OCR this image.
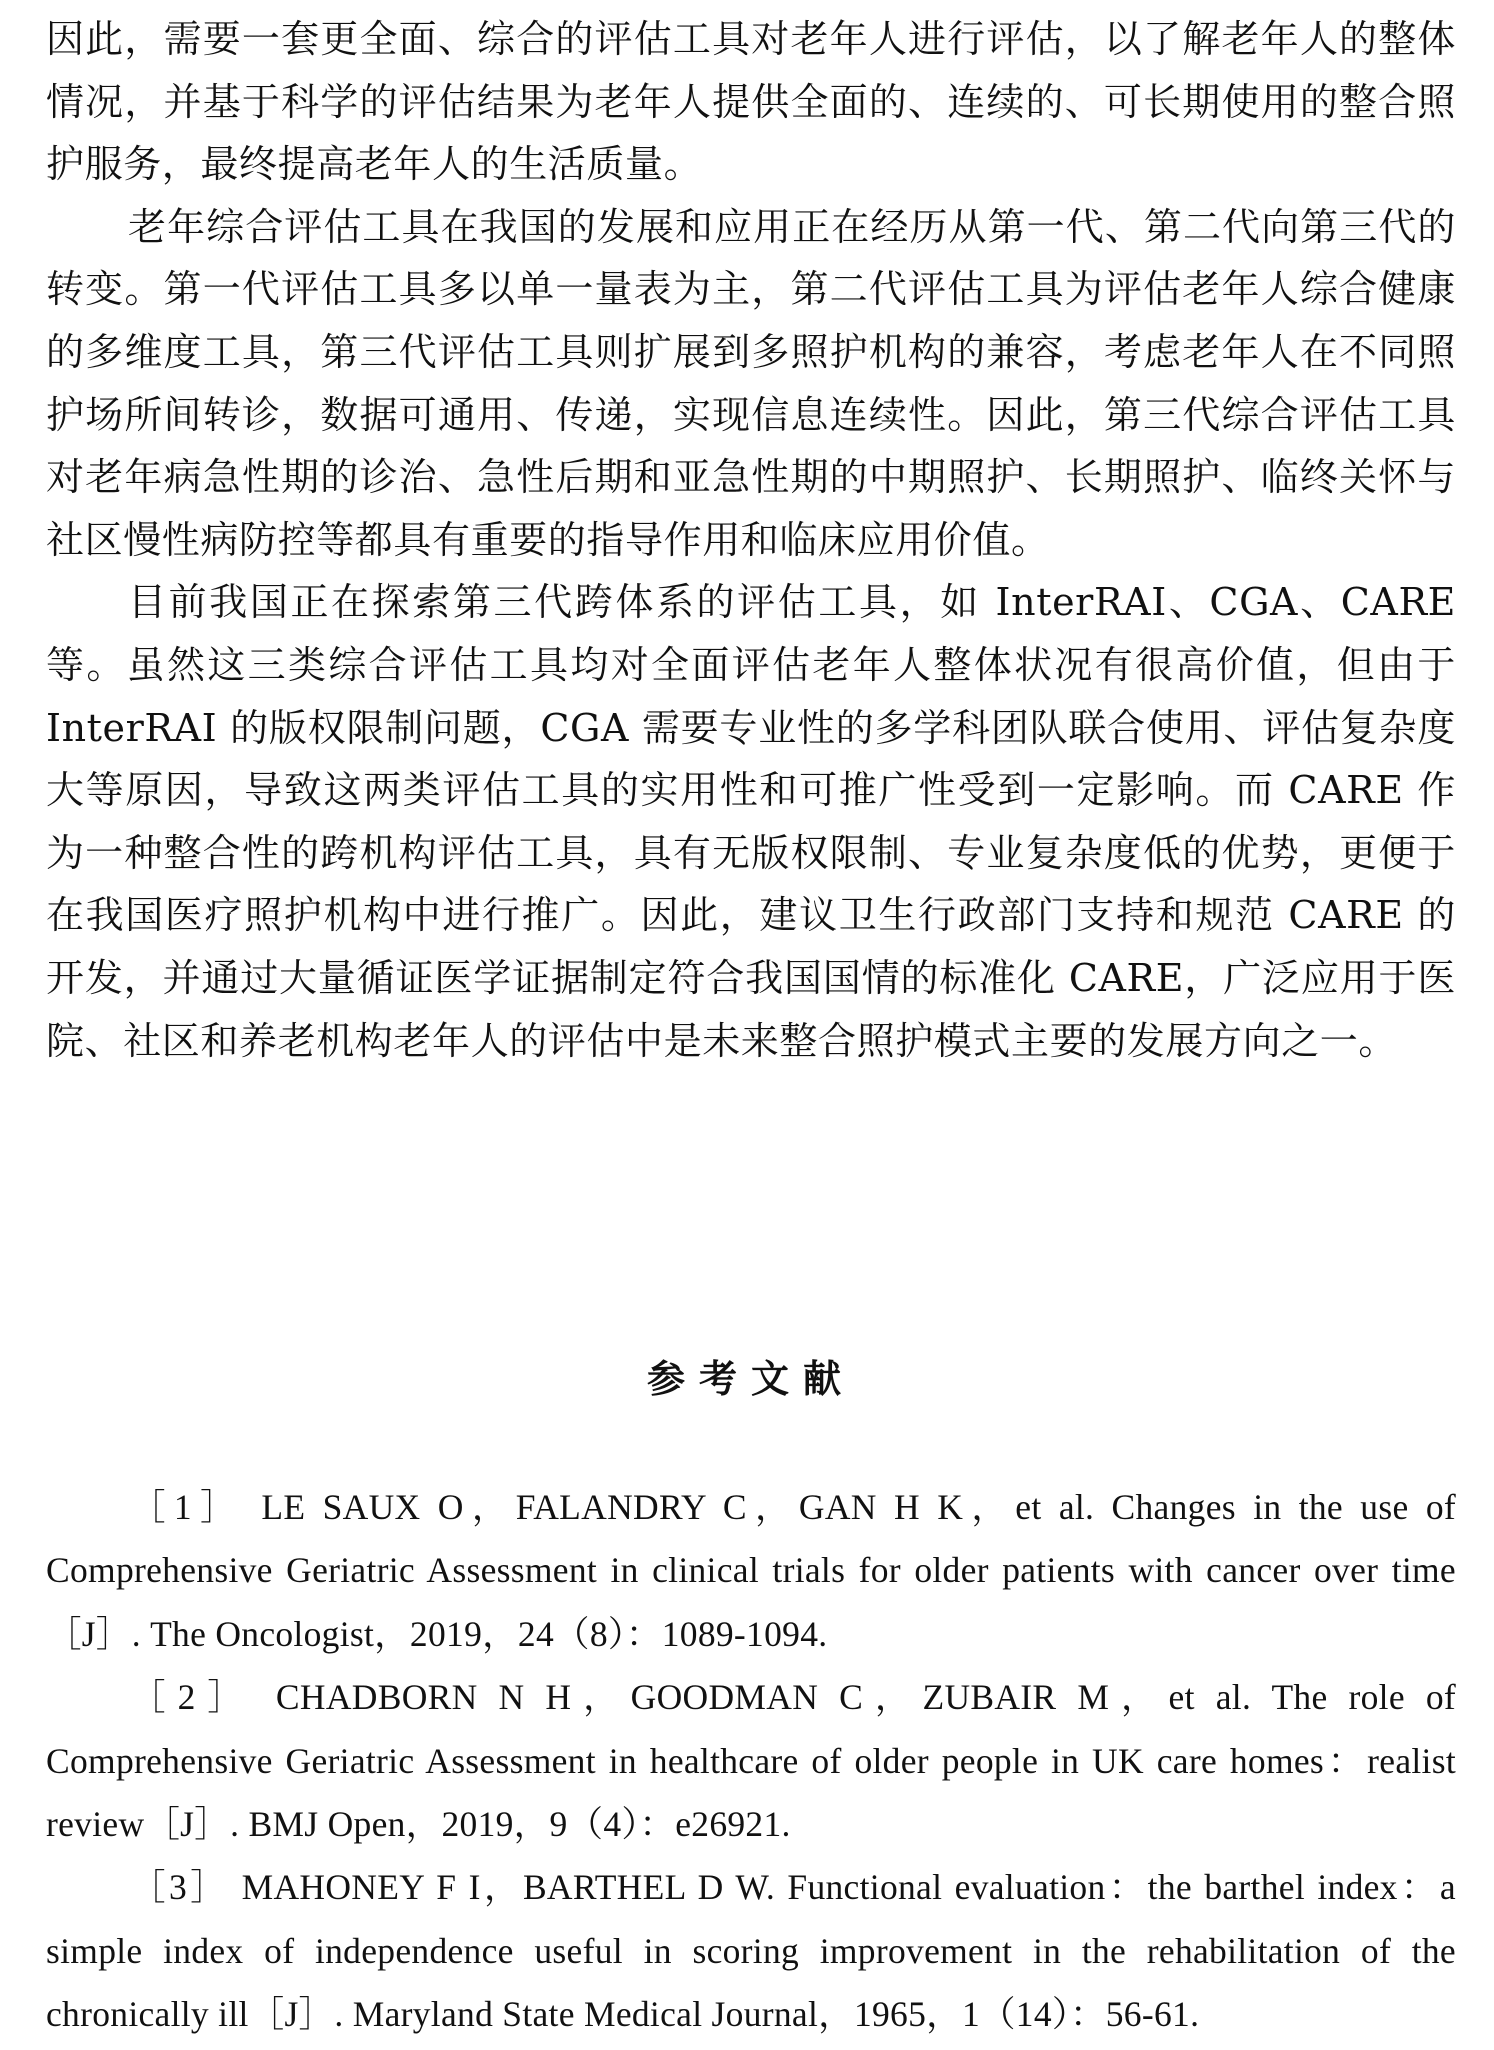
因此，需要一套更全面、综合的评估工具对老年人进行评估，以了解老年人的整体情况，并基于科学的评估结果为老年人提供全面的、连续的、可长期使用的整合照护服务，最终提高老年人的生活质量。

老年综合评估工具在我国的发展和应用正在经历从第一代、第二代向第三代的转变。第一代评估工具多以单一量表为主，第二代评估工具为评估老年人综合健康的多维度工具，第三代评估工具则扩展到多照护机构的兼容，考虑老年人在不同照护场所间转诊，数据可通用、传递，实现信息连续性。因此，第三代综合评估工具对老年病急性期的诊治、急性后期和亚急性期的中期照护、长期照护、临终关怀与社区慢性病防控等都具有重要的指导作用和临床应用价值。

目前我国正在探索第三代跨体系的评估工具，如 InterRAI、CGA、CARE 等。虽然这三类综合评估工具均对全面评估老年人整体状况有很高价值，但由于 InterRAI 的版权限制问题，CGA 需要专业性的多学科团队联合使用、评估复杂度大等原因，导致这两类评估工具的实用性和可推广性受到一定影响。而 CARE 作为一种整合性的跨机构评估工具，具有无版权限制、专业复杂度低的优势，更便于在我国医疗照护机构中进行推广。因此，建议卫生行政部门支持和规范 CARE 的开发，并通过大量循证医学证据制定符合我国国情的标准化 CARE，广泛应用于医院、社区和养老机构老年人的评估中是未来整合照护模式主要的发展方向之一。

参考文献

［1］ LE SAUX O，FALANDRY C，GAN H K，et al. Changes in the use of Comprehensive Geriatric Assessment in clinical trials for older patients with cancer over time［J］. The Oncologist，2019，24（8）：1089-1094.

［2］ CHADBORN N H，GOODMAN C，ZUBAIR M，et al. The role of Comprehensive Geriatric Assessment in healthcare of older people in UK care homes：realist review［J］. BMJ Open，2019，9（4）：e26921.

［3］ MAHONEY F I，BARTHEL D W. Functional evaluation：the barthel index：a simple index of independence useful in scoring improvement in the rehabilitation of the chronically ill［J］. Maryland State Medical Journal，1965，1（14）：56-61.
